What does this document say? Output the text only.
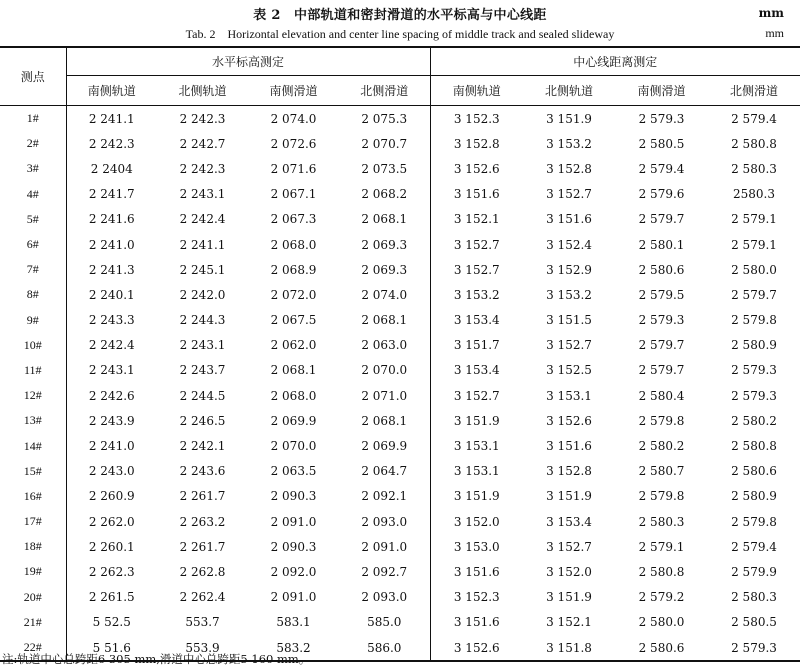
表 2　中部轨道和密封滑道的水平标高与中心线距	mm
Tab. 2　Horizontal elevation and center line spacing of middle track and sealed slideway	mm
测点	水平标高测定				中心线距离测定			
	南侧轨道	北侧轨道	南侧滑道	北侧滑道	南侧轨道	北侧轨道	南侧滑道	北侧滑道
1#	2 241.1	2 242.3	2 074.0	2 075.3	3 152.3	3 151.9	2 579.3	2 579.4
2#	2 242.3	2 242.7	2 072.6	2 070.7	3 152.8	3 153.2	2 580.5	2 580.8
3#	2 2404	2 242.3	2 071.6	2 073.5	3 152.6	3 152.8	2 579.4	2 580.3
4#	2 241.7	2 243.1	2 067.1	2 068.2	3 151.6	3 152.7	2 579.6	2580.3
5#	2 241.6	2 242.4	2 067.3	2 068.1	3 152.1	3 151.6	2 579.7	2 579.1
6#	2 241.0	2 241.1	2 068.0	2 069.3	3 152.7	3 152.4	2 580.1	2 579.1
7#	2 241.3	2 245.1	2 068.9	2 069.3	3 152.7	3 152.9	2 580.6	2 580.0
8#	2 240.1	2 242.0	2 072.0	2 074.0	3 153.2	3 153.2	2 579.5	2 579.7
9#	2 243.3	2 244.3	2 067.5	2 068.1	3 153.4	3 151.5	2 579.3	2 579.8
10#	2 242.4	2 243.1	2 062.0	2 063.0	3 151.7	3 152.7	2 579.7	2 580.9
11#	2 243.1	2 243.7	2 068.1	2 070.0	3 153.4	3 152.5	2 579.7	2 579.3
12#	2 242.6	2 244.5	2 068.0	2 071.0	3 152.7	3 153.1	2 580.4	2 579.3
13#	2 243.9	2 246.5	2 069.9	2 068.1	3 151.9	3 152.6	2 579.8	2 580.2
14#	2 241.0	2 242.1	2 070.0	2 069.9	3 153.1	3 151.6	2 580.2	2 580.8
15#	2 243.0	2 243.6	2 063.5	2 064.7	3 153.1	3 152.8	2 580.7	2 580.6
16#	2 260.9	2 261.7	2 090.3	2 092.1	3 151.9	3 151.9	2 579.8	2 580.9
17#	2 262.0	2 263.2	2 091.0	2 093.0	3 152.0	3 153.4	2 580.3	2 579.8
18#	2 260.1	2 261.7	2 090.3	2 091.0	3 153.0	3 152.7	2 579.1	2 579.4
19#	2 262.3	2 262.8	2 092.0	2 092.7	3 151.6	3 152.0	2 580.8	2 579.9
20#	2 261.5	2 262.4	2 091.0	2 093.0	3 152.3	3 151.9	2 579.2	2 580.3
21#	5 52.5	553.7	583.1	585.0	3 151.6	3 152.1	2 580.0	2 580.5
22#	5 51.6	553.9	583.2	586.0	3 152.6	3 151.8	2 580.6	2 579.3
注:轨道中心总跨距6 305 mm,滑道中心总跨距5 160 mm。
